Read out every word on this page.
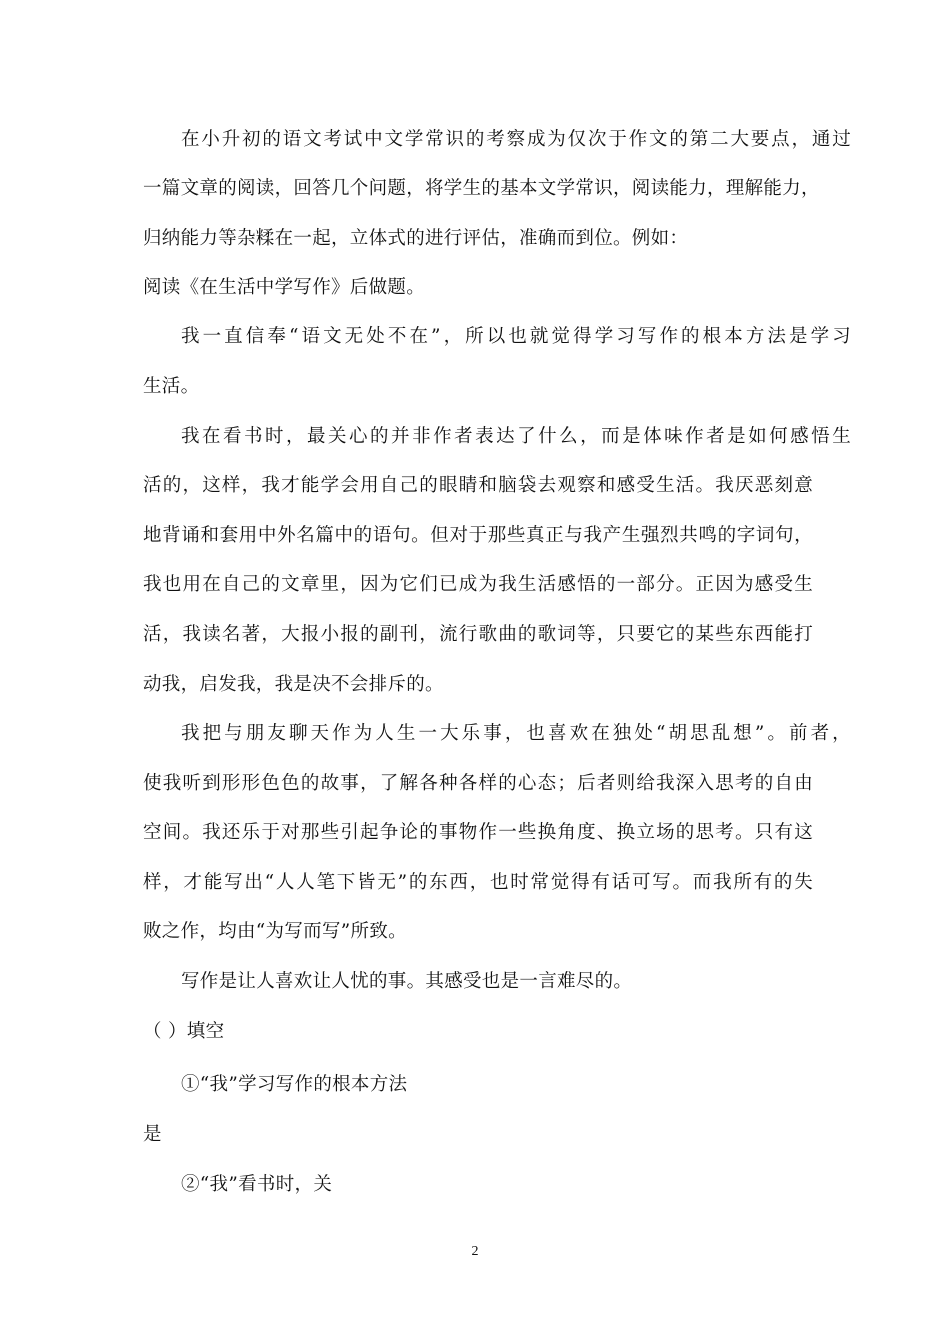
在小升初的语文考试中文学常识的考察成为仅次于作文的第二大要点，通过
一篇文章的阅读，回答几个问题，将学生的基本文学常识，阅读能力，理解能力，
归纳能力等杂糅在一起，立体式的进行评估，准确而到位。例如：
阅读《在生活中学写作》后做题。
我一直信奉“语文无处不在”，所以也就觉得学习写作的根本方法是学习
生活。
我在看书时，最关心的并非作者表达了什么，而是体味作者是如何感悟生
活的，这样，我才能学会用自己的眼睛和脑袋去观察和感受生活。我厌恶刻意
地背诵和套用中外名篇中的语句。但对于那些真正与我产生强烈共鸣的字词句，
我也用在自己的文章里，因为它们已成为我生活感悟的一部分。正因为感受生
活，我读名著，大报小报的副刊，流行歌曲的歌词等，只要它的某些东西能打
动我，启发我，我是决不会排斥的。
我把与朋友聊天作为人生一大乐事，也喜欢在独处“胡思乱想”。前者，
使我听到形形色色的故事，了解各种各样的心态；后者则给我深入思考的自由
空间。我还乐于对那些引起争论的事物作一些换角度、换立场的思考。只有这
样，才能写出“人人笔下皆无”的东西，也时常觉得有话可写。而我所有的失
败之作，均由“为写而写”所致。
写作是让人喜欢让人忧的事。其感受也是一言难尽的。
（ ）填空
①“我”学习写作的根本方法
是
②“我”看书时，关
2
